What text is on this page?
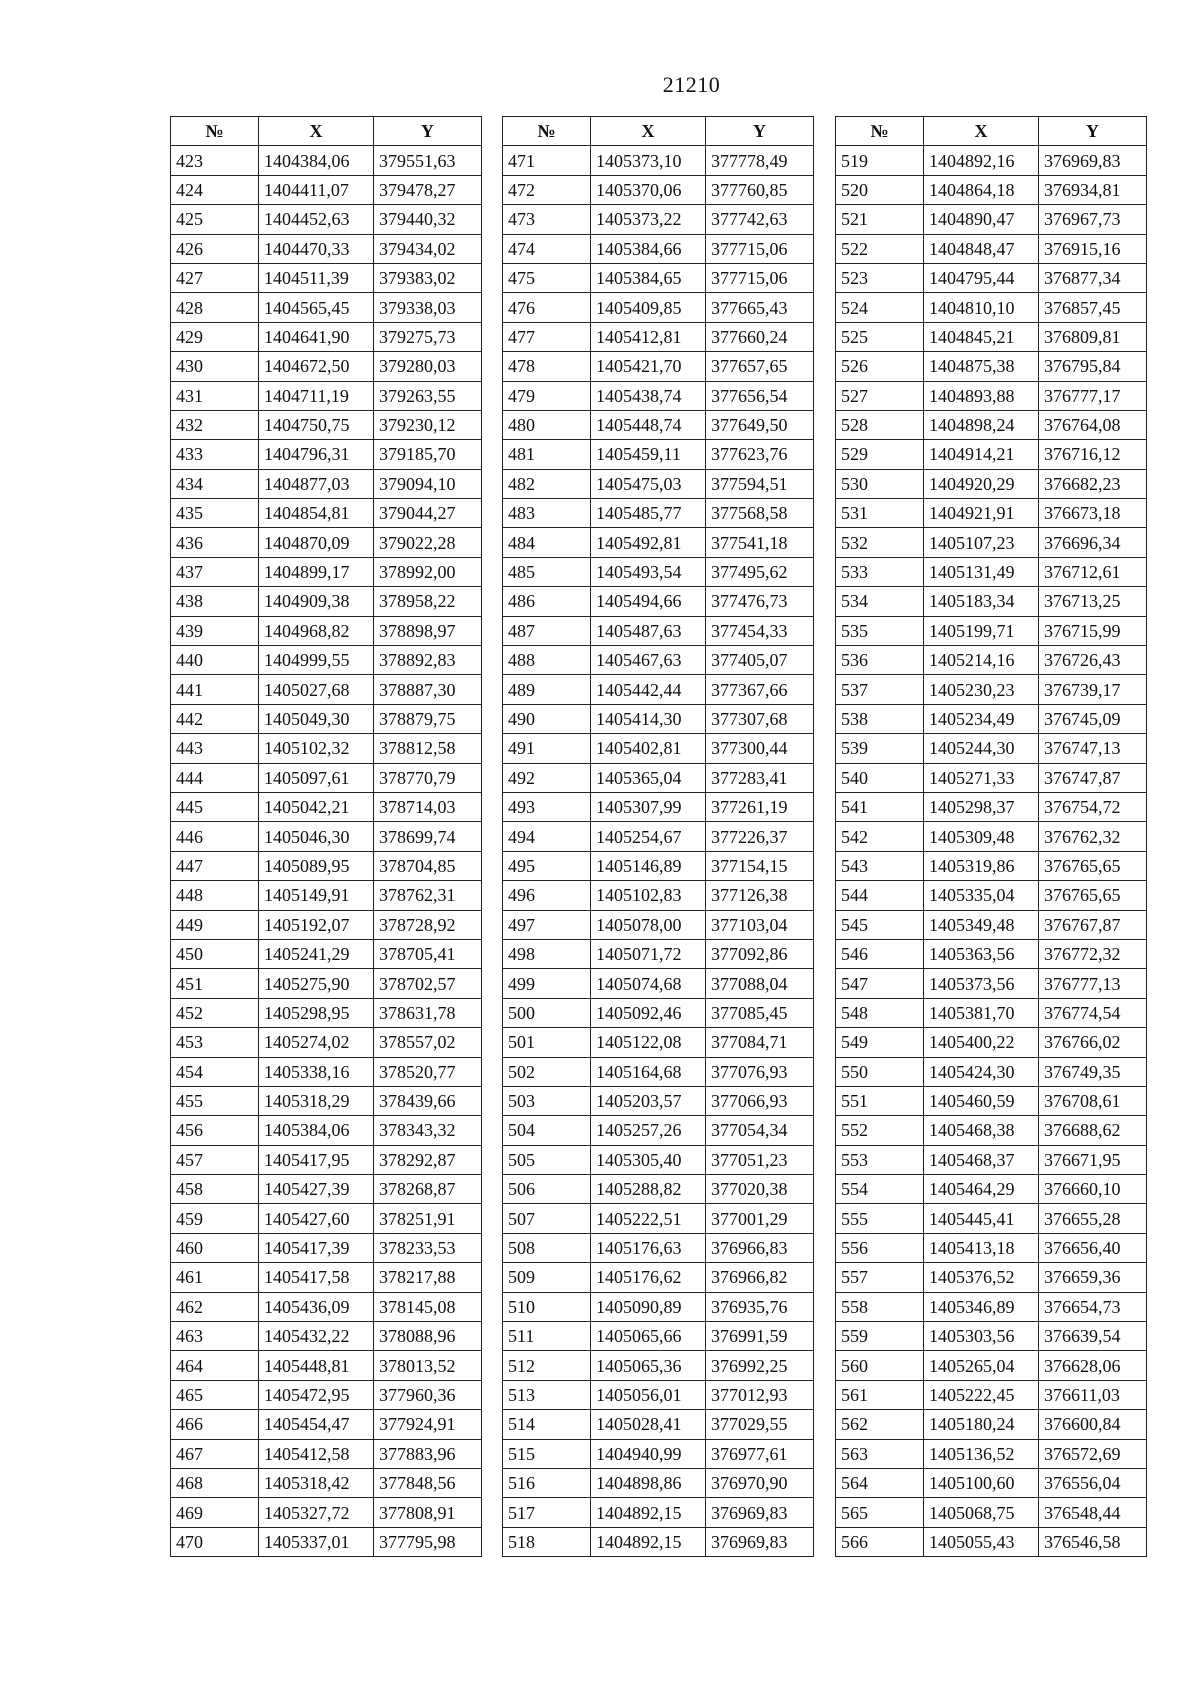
21210
№	X	Y
423	1404384,06	379551,63
424	1404411,07	379478,27
425	1404452,63	379440,32
426	1404470,33	379434,02
427	1404511,39	379383,02
428	1404565,45	379338,03
429	1404641,90	379275,73
430	1404672,50	379280,03
431	1404711,19	379263,55
432	1404750,75	379230,12
433	1404796,31	379185,70
434	1404877,03	379094,10
435	1404854,81	379044,27
436	1404870,09	379022,28
437	1404899,17	378992,00
438	1404909,38	378958,22
439	1404968,82	378898,97
440	1404999,55	378892,83
441	1405027,68	378887,30
442	1405049,30	378879,75
443	1405102,32	378812,58
444	1405097,61	378770,79
445	1405042,21	378714,03
446	1405046,30	378699,74
447	1405089,95	378704,85
448	1405149,91	378762,31
449	1405192,07	378728,92
450	1405241,29	378705,41
451	1405275,90	378702,57
452	1405298,95	378631,78
453	1405274,02	378557,02
454	1405338,16	378520,77
455	1405318,29	378439,66
456	1405384,06	378343,32
457	1405417,95	378292,87
458	1405427,39	378268,87
459	1405427,60	378251,91
460	1405417,39	378233,53
461	1405417,58	378217,88
462	1405436,09	378145,08
463	1405432,22	378088,96
464	1405448,81	378013,52
465	1405472,95	377960,36
466	1405454,47	377924,91
467	1405412,58	377883,96
468	1405318,42	377848,56
469	1405327,72	377808,91
470	1405337,01	377795,98
№	X	Y
471	1405373,10	377778,49
472	1405370,06	377760,85
473	1405373,22	377742,63
474	1405384,66	377715,06
475	1405384,65	377715,06
476	1405409,85	377665,43
477	1405412,81	377660,24
478	1405421,70	377657,65
479	1405438,74	377656,54
480	1405448,74	377649,50
481	1405459,11	377623,76
482	1405475,03	377594,51
483	1405485,77	377568,58
484	1405492,81	377541,18
485	1405493,54	377495,62
486	1405494,66	377476,73
487	1405487,63	377454,33
488	1405467,63	377405,07
489	1405442,44	377367,66
490	1405414,30	377307,68
491	1405402,81	377300,44
492	1405365,04	377283,41
493	1405307,99	377261,19
494	1405254,67	377226,37
495	1405146,89	377154,15
496	1405102,83	377126,38
497	1405078,00	377103,04
498	1405071,72	377092,86
499	1405074,68	377088,04
500	1405092,46	377085,45
501	1405122,08	377084,71
502	1405164,68	377076,93
503	1405203,57	377066,93
504	1405257,26	377054,34
505	1405305,40	377051,23
506	1405288,82	377020,38
507	1405222,51	377001,29
508	1405176,63	376966,83
509	1405176,62	376966,82
510	1405090,89	376935,76
511	1405065,66	376991,59
512	1405065,36	376992,25
513	1405056,01	377012,93
514	1405028,41	377029,55
515	1404940,99	376977,61
516	1404898,86	376970,90
517	1404892,15	376969,83
518	1404892,15	376969,83
№	X	Y
519	1404892,16	376969,83
520	1404864,18	376934,81
521	1404890,47	376967,73
522	1404848,47	376915,16
523	1404795,44	376877,34
524	1404810,10	376857,45
525	1404845,21	376809,81
526	1404875,38	376795,84
527	1404893,88	376777,17
528	1404898,24	376764,08
529	1404914,21	376716,12
530	1404920,29	376682,23
531	1404921,91	376673,18
532	1405107,23	376696,34
533	1405131,49	376712,61
534	1405183,34	376713,25
535	1405199,71	376715,99
536	1405214,16	376726,43
537	1405230,23	376739,17
538	1405234,49	376745,09
539	1405244,30	376747,13
540	1405271,33	376747,87
541	1405298,37	376754,72
542	1405309,48	376762,32
543	1405319,86	376765,65
544	1405335,04	376765,65
545	1405349,48	376767,87
546	1405363,56	376772,32
547	1405373,56	376777,13
548	1405381,70	376774,54
549	1405400,22	376766,02
550	1405424,30	376749,35
551	1405460,59	376708,61
552	1405468,38	376688,62
553	1405468,37	376671,95
554	1405464,29	376660,10
555	1405445,41	376655,28
556	1405413,18	376656,40
557	1405376,52	376659,36
558	1405346,89	376654,73
559	1405303,56	376639,54
560	1405265,04	376628,06
561	1405222,45	376611,03
562	1405180,24	376600,84
563	1405136,52	376572,69
564	1405100,60	376556,04
565	1405068,75	376548,44
566	1405055,43	376546,58
